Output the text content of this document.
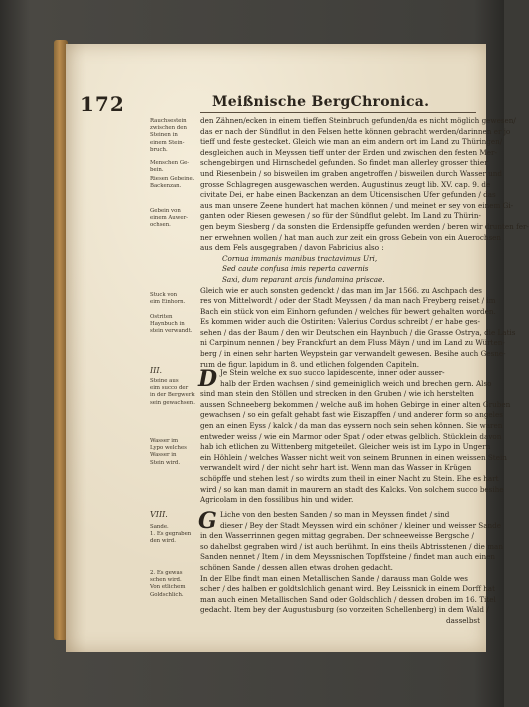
172	Meißnische BergChronica.
den Zähnen/ecken in einem tieffen Steinbruch gefunden/da es nicht möglich gewesen/
das er nach der Sündflut in den Felsen hette können gebracht werden/darinnen er jo
tieff und feste gestecket. Gleich wie man an eim andern ort im Land zu Thüringen/
desgleichen auch in Meyssen tieff unter der Erden und zwischen den festen Mer-
schengebirgen und Hirnschedel gefunden. So findet man allerley grosser thier
und Riesenbein / so bisweilen im graben angetroffen / bisweilen durch Wasser und
grosse Schlagregen ausgewaschen werden. Augustinus zeugt lib. XV. cap. 9. de
civitate Dei, er habe einen Backenzan an dem Uticensischen Ufer gefunden / das
aus man unsere Zeene hundert hat machen können / und meinet er sey von einem Gi-
ganten oder Riesen gewesen / so für der Sündflut gelebt. Im Land zu Thürin-
gen beym Siesberg / da sonsten die Erdensipffe gefunden werden / beren wir drunten fer-
ner erwehnen wollen / hat man auch zur zeit ein gross Gebein von ein Auerochsen
aus dem Fels ausgegraben / davon Fabricius also :
Cornua immanis manibus tractavimus Uri,
Sed caute confusa imis reperta cavernis
Saxi, dum reparant arcis fundamina priscae.
Gleich wie er auch sonsten gedenckt / das man im Jar 1566. zu Aschpach des
res von Mittelwordt / oder der Stadt Meyssen / da man nach Freyberg reiset / im
Bach ein stück von eim Einhorn gefunden / welches für bewert gehalten worden.
Es kommen wider auch die Ostiriten: Valerius Cordus schreibt / er habe ges-
sehen / das der Baum / den wir Deutschen ein Haynbuch / die Grasse Ostrya, die Latis
ni Carpinum nennen / bey Franckfurt an dem Fluss Mäyn / und im Land zu Würten-
berg / in einen sehr harten Weypstein gar verwandelt gewesen. Besihe auch Gesne-
rum de figur. lapidum in 8. und etlichen folgenden Capiteln.
III. D Je Stein welche ex suo succo lapidescente, inner oder ausser-
halb der Erden wachsen / sind gemeiniglich weich und brechen gern. Also
sind man stein den Stöllen und strecken in den Gruben / wie ich herstelten
aussen Schneeberg bekommen / welche auß im hohen Gebirge in einer alten Gruben
gewachsen / so ein gefalt gehabt fast wie Eiszapffen / und anderer form so angeles
gen an einen Eyss / kalck / da man das eyssern noch sein sehen können. Sie waren
entweder weiss / wie ein Marmor oder Spat / oder etwas gelblich. Stücklein davon
hab ich etlichen zu Wittenberg mitgeteilet. Gleicher weis ist im Lypo in Ungern
ein Höhlein / welches Wasser nicht weit von seinem Brunnen in einen weissen Stein
verwandelt wird / der nicht sehr hart ist. Wenn man das Wasser in Krügen
schöpffe und stehen lest / so wirdts zum theil in einer Nacht zu Stein. Ehe es hart
wird / so kan man damit in maurern an stadt des Kalcks. Von solchem succo besihe
Agricolam in den fossilibus hin und wider.
VIII. G Liche von den besten Sanden / so man in Meyssen findet / sind
dieser / Bey der Stadt Meyssen wird ein schöner / kleiner und weisser Sande
in den Wasserrinnen gegen mittag gegraben. Der schneeweisse Bergsche /
so dahelbst gegraben wird / ist auch berühmt. In eins theils Abtrisstenen / die man
Sanden nennet / Item / in dem Meyssnischen Topffsteine / findet man auch einen
schönen Sande / dessen allen etwas drohen gedacht.
In der Elbe findt man einen Metallischen Sande / darauss man Golde wes
scher / des halben er goldtslchlich genant wird. Bey Leissnick in einem Dorff hat
man auch einen Metallischen Sand oder Goldschlich / dessen droben im 16. Titel
gedacht. Item bey der Augustusburg (so vorzeiten Schellenberg) in dem Wald /
dasselbst
Rauchsestein
zwischen den
Steinen in
einem Stein-
bruch.
Menschen Ge-
bein.
Riesen Gebeine.
Backenzan.
Gebein von
einem Auwer-
ochsen.
Stuck von
eim Einhorn.
Ostriten
Haynbuch in
stein verwandt.
Steine aus
eim succo der
in der Bergwerk
sein gewachsen.
Wasser im
Lypo welches
Wasser in
Stein wird.
Sande.
1. Es gegraben
den wird.
2. Es gewas
schen wird.
Von etlichem
Goldschlich.
